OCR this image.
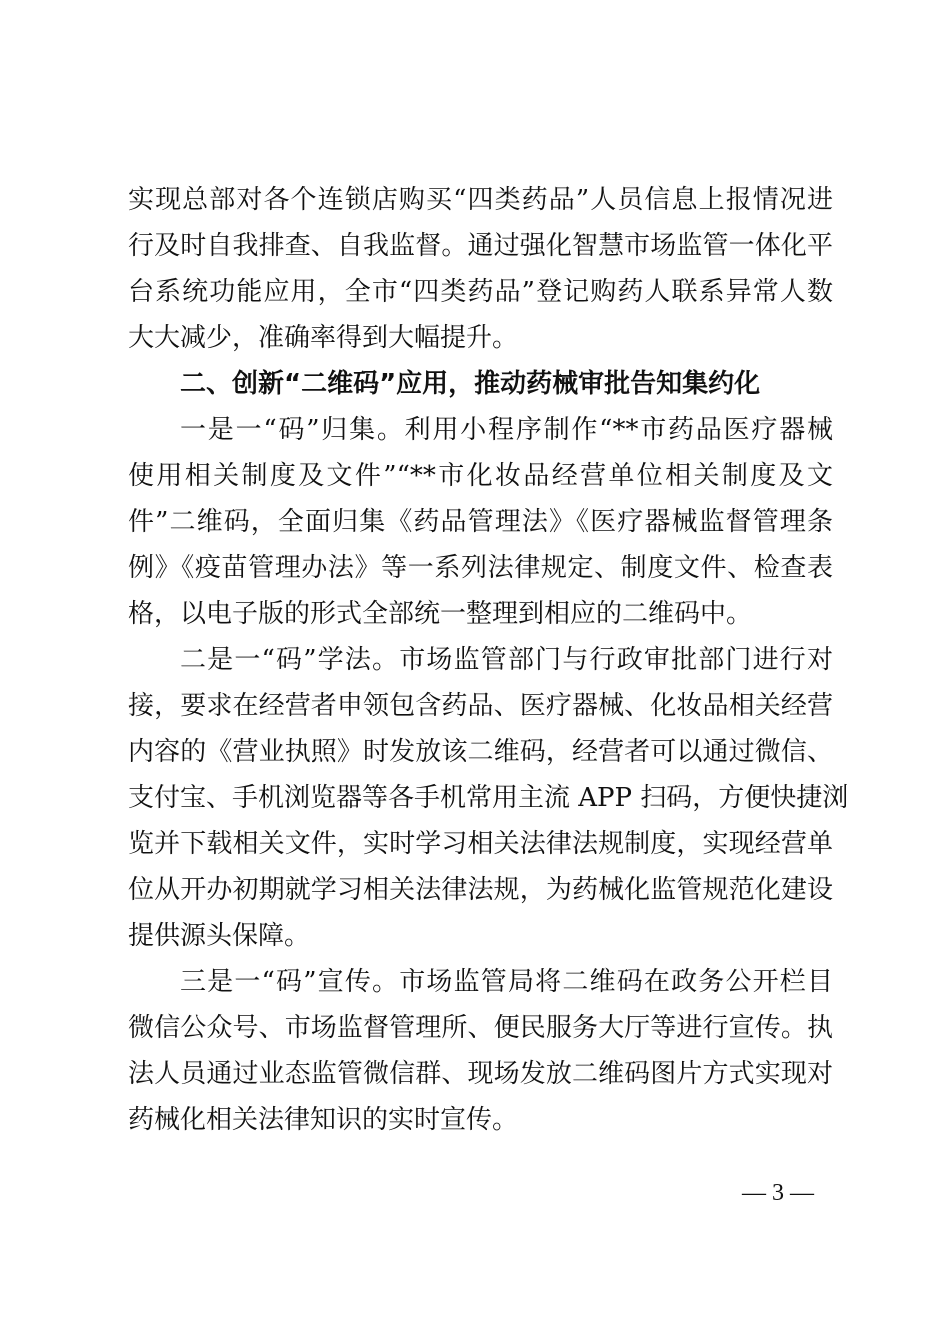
实现总部对各个连锁店购买“四类药品”人员信息上报情况进
行及时自我排查、自我监督。通过强化智慧市场监管一体化平
台系统功能应用，全市“四类药品”登记购药人联系异常人数
大大减少，准确率得到大幅提升。
二、创新“二维码”应用，推动药械审批告知集约化
一是一“码”归集。利用小程序制作“**市药品医疗器械
使用相关制度及文件”“**市化妆品经营单位相关制度及文
件”二维码，全面归集《药品管理法》《医疗器械监督管理条
例》《疫苗管理办法》等一系列法律规定、制度文件、检查表
格，以电子版的形式全部统一整理到相应的二维码中。
二是一“码”学法。市场监管部门与行政审批部门进行对
接，要求在经营者申领包含药品、医疗器械、化妆品相关经营
内容的《营业执照》时发放该二维码，经营者可以通过微信、
支付宝、手机浏览器等各手机常用主流 APP 扫码，方便快捷浏
览并下载相关文件，实时学习相关法律法规制度，实现经营单
位从开办初期就学习相关法律法规，为药械化监管规范化建设
提供源头保障。
三是一“码”宣传。市场监管局将二维码在政务公开栏目
微信公众号、市场监督管理所、便民服务大厅等进行宣传。执
法人员通过业态监管微信群、现场发放二维码图片方式实现对
药械化相关法律知识的实时宣传。
— 3 —
